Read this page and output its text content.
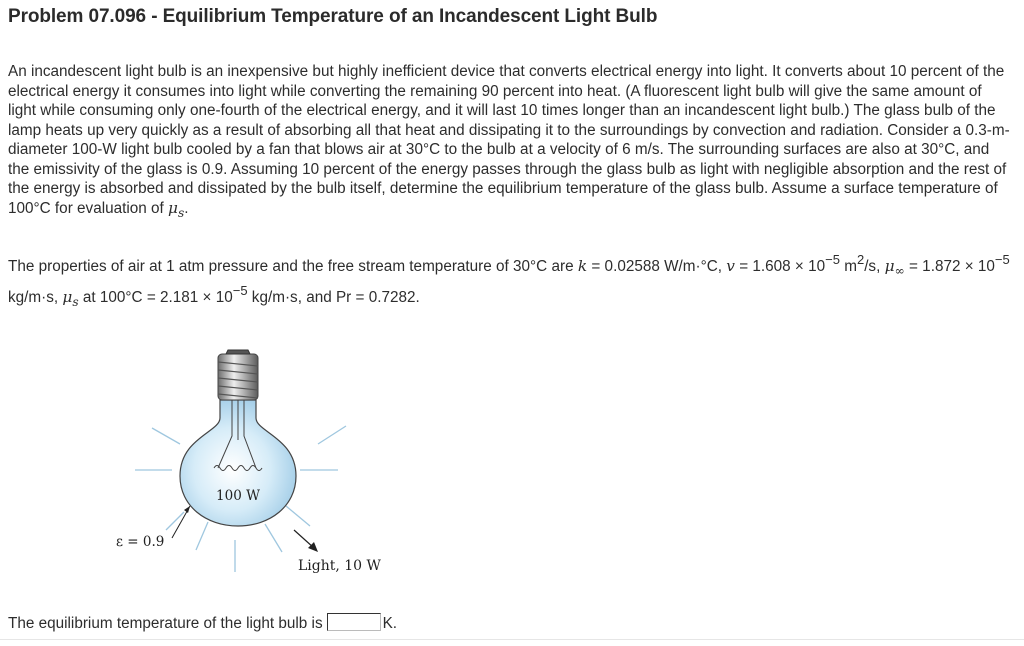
Problem 07.096 - Equilibrium Temperature of an Incandescent Light Bulb

An incandescent light bulb is an inexpensive but highly inefficient device that converts electrical energy into light. It converts about 10 percent of the electrical energy it consumes into light while converting the remaining 90 percent into heat. (A fluorescent light bulb will give the same amount of light while consuming only one-fourth of the electrical energy, and it will last 10 times longer than an incandescent light bulb.) The glass bulb of the lamp heats up very quickly as a result of absorbing all that heat and dissipating it to the surroundings by convection and radiation. Consider a 0.3-m-diameter 100-W light bulb cooled by a fan that blows air at 30°C to the bulb at a velocity of 6 m/s. The surrounding surfaces are also at 30°C, and the emissivity of the glass is 0.9. Assuming 10 percent of the energy passes through the glass bulb as light with negligible absorption and the rest of the energy is absorbed and dissipated by the bulb itself, determine the equilibrium temperature of the glass bulb. Assume a surface temperature of 100°C for evaluation of $\mu_s$.

The properties of air at 1 atm pressure and the free stream temperature of 30°C are k = 0.02588 W/m·°C, $v = 1.608 \times 10^{-5}$ $m^2/s$, $\mu_\infty = 1.872 \times 10^{-5}$ kg/m·s, $\mu_s$ at $100^\circ C = 2.181 \times 10^{-5}$ kg/m·s, and Pr = 0.7282.

100 W
ε = 0.9
Light, 10 W
The equilibrium temperature of the light bulb is	K.
